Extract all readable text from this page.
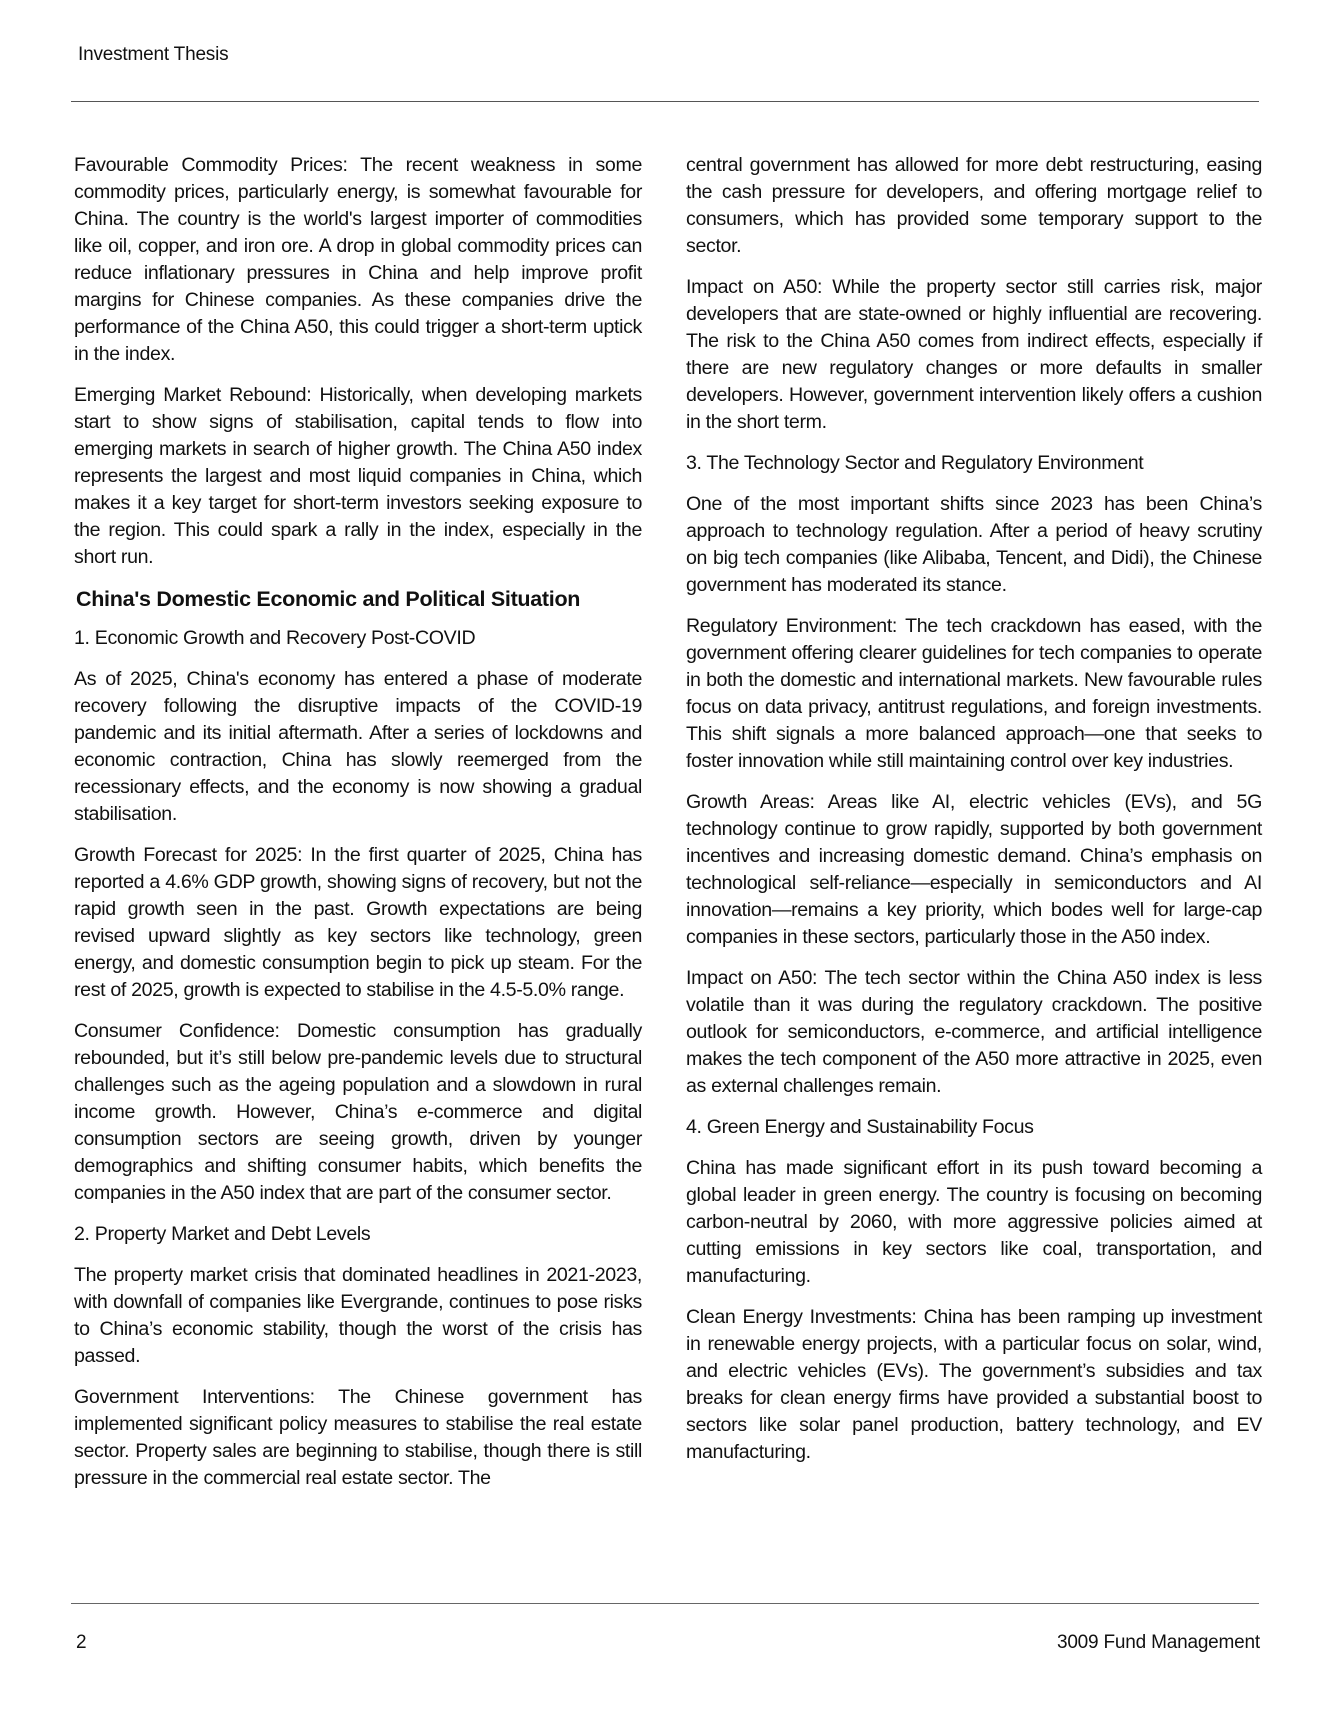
Investment Thesis

Favourable Commodity Prices: The recent weakness in some commodity prices, particularly energy, is somewhat favourable for China. The country is the world's largest importer of commodities like oil, copper, and iron ore. A drop in global commodity prices can reduce inflationary pressures in China and help improve profit margins for Chinese companies. As these companies drive the performance of the China A50, this could trigger a short-term uptick in the index.

Emerging Market Rebound: Historically, when developing markets start to show signs of stabilisation, capital tends to flow into emerging markets in search of higher growth. The China A50 index represents the largest and most liquid companies in China, which makes it a key target for short-term investors seeking exposure to the region. This could spark a rally in the index, especially in the short run.

China's Domestic Economic and Political Situation

1. Economic Growth and Recovery Post-COVID

As of 2025, China's economy has entered a phase of moderate recovery following the disruptive impacts of the COVID-19 pandemic and its initial aftermath. After a series of lockdowns and economic contraction, China has slowly reemerged from the recessionary effects, and the economy is now showing a gradual stabilisation.

Growth Forecast for 2025: In the first quarter of 2025, China has reported a 4.6% GDP growth, showing signs of recovery, but not the rapid growth seen in the past. Growth expectations are being revised upward slightly as key sectors like technology, green energy, and domestic consumption begin to pick up steam. For the rest of 2025, growth is expected to stabilise in the 4.5-5.0% range.

Consumer Confidence: Domestic consumption has gradually rebounded, but it’s still below pre-pandemic levels due to structural challenges such as the ageing population and a slowdown in rural income growth. However, China’s e-commerce and digital consumption sectors are seeing growth, driven by younger demographics and shifting consumer habits, which benefits the companies in the A50 index that are part of the consumer sector.

2. Property Market and Debt Levels

The property market crisis that dominated headlines in 2021-2023, with downfall of companies like Evergrande, continues to pose risks to China’s economic stability, though the worst of the crisis has passed.

Government Interventions: The Chinese government has implemented significant policy measures to stabilise the real estate sector. Property sales are beginning to stabilise, though there is still pressure in the commercial real estate sector. The

central government has allowed for more debt restructuring, easing the cash pressure for developers, and offering mortgage relief to consumers, which has provided some temporary support to the sector.

Impact on A50: While the property sector still carries risk, major developers that are state-owned or highly influential are recovering. The risk to the China A50 comes from indirect effects, especially if there are new regulatory changes or more defaults in smaller developers. However, government intervention likely offers a cushion in the short term.

3. The Technology Sector and Regulatory Environment

One of the most important shifts since 2023 has been China’s approach to technology regulation. After a period of heavy scrutiny on big tech companies (like Alibaba, Tencent, and Didi), the Chinese government has moderated its stance.

Regulatory Environment: The tech crackdown has eased, with the government offering clearer guidelines for tech companies to operate in both the domestic and international markets. New favourable rules focus on data privacy, antitrust regulations, and foreign investments. This shift signals a more balanced approach—one that seeks to foster innovation while still maintaining control over key industries.

Growth Areas: Areas like AI, electric vehicles (EVs), and 5G technology continue to grow rapidly, supported by both government incentives and increasing domestic demand. China’s emphasis on technological self-reliance—especially in semiconductors and AI innovation—remains a key priority, which bodes well for large-cap companies in these sectors, particularly those in the A50 index.

Impact on A50: The tech sector within the China A50 index is less volatile than it was during the regulatory crackdown. The positive outlook for semiconductors, e-commerce, and artificial intelligence makes the tech component of the A50 more attractive in 2025, even as external challenges remain.

4. Green Energy and Sustainability Focus

China has made significant effort in its push toward becoming a global leader in green energy. The country is focusing on becoming carbon-neutral by 2060, with more aggressive policies aimed at cutting emissions in key sectors like coal, transportation, and manufacturing.

Clean Energy Investments: China has been ramping up investment in renewable energy projects, with a particular focus on solar, wind, and electric vehicles (EVs). The government’s subsidies and tax breaks for clean energy firms have provided a substantial boost to sectors like solar panel production, battery technology, and EV manufacturing.

2	3009 Fund Management
